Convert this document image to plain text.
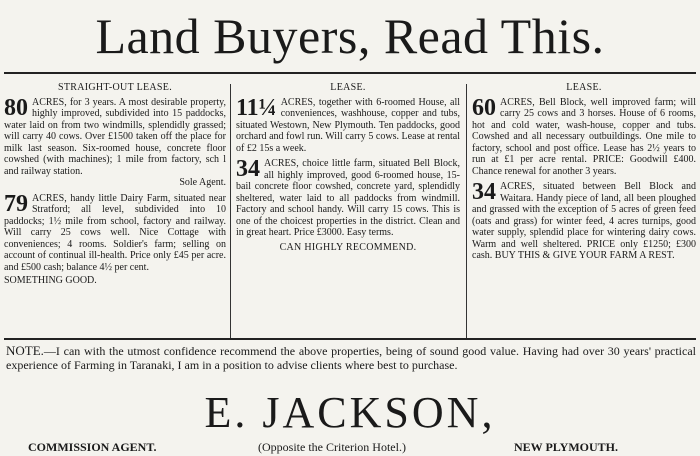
Land Buyers, Read This.
STRAIGHT-OUT LEASE.
80 ACRES, for 3 years. A most desirable property, highly improved, subdivided into 15 paddocks, water laid on from two windmills, splendidly grassed; will carry 40 cows. Over £1500 taken off the place for milk last season. Six-roomed house, concrete floor cowshed (with machines); 1 mile from factory, sch l and railway station.
Sole Agent.
79 ACRES, handy little Dairy Farm, situated near Stratford; all level, subdivided into 10 paddocks; 1½ mile from school, factory and railway. Will carry 25 cows well. Nice Cottage with conveniences; 4 rooms. Soldier's farm; selling on account of continual ill-health. Price only £45 per acre. and £500 cash; balance 4½ per cent.
SOMETHING GOOD.
LEASE.
11¼ ACRES, together with 6-roomed House, all conveniences, washhouse, copper and tubs, situated Westown, New Plymouth. Ten paddocks, good orchard and fowl run. Will carry 5 cows. Lease at rental of £2 15s a week.
34 ACRES, choice little farm, situated Bell Block, all highly improved, good 6-roomed house, 15-bail concrete floor cowshed, concrete yard, splendidly sheltered, water laid to all paddocks from windmill. Factory and school handy. Will carry 15 cows. This is one of the choicest properties in the district. Clean and in great heart. Price £3000. Easy terms.
CAN HIGHLY RECOMMEND.
LEASE.
60 ACRES, Bell Block, well improved farm; will carry 25 cows and 3 horses. House of 6 rooms, hot and cold water, wash-house, copper and tubs. Cowshed and all necessary outbuildings. One mile to factory, school and post office. Lease has 2½ years to run at £1 per acre rental. PRICE: Goodwill £400. Chance renewal for another 3 years.
34 ACRES, situated between Bell Block and Waitara. Handy piece of land, all been ploughed and grassed with the exception of 5 acres of green feed (oats and grass) for winter feed, 4 acres turnips, good water supply, splendid place for wintering dairy cows. Warm and well sheltered. PRICE only £1250; £300 cash. BUY THIS & GIVE YOUR FARM A REST.
NOTE.—I can with the utmost confidence recommend the above properties, being of sound good value. Having had over 30 years' practical experience of Farming in Taranaki, I am in a position to advise clients where best to purchase.
E. JACKSON,
COMMISSION AGENT.	(Opposite the Criterion Hotel.)	NEW PLYMOUTH.
